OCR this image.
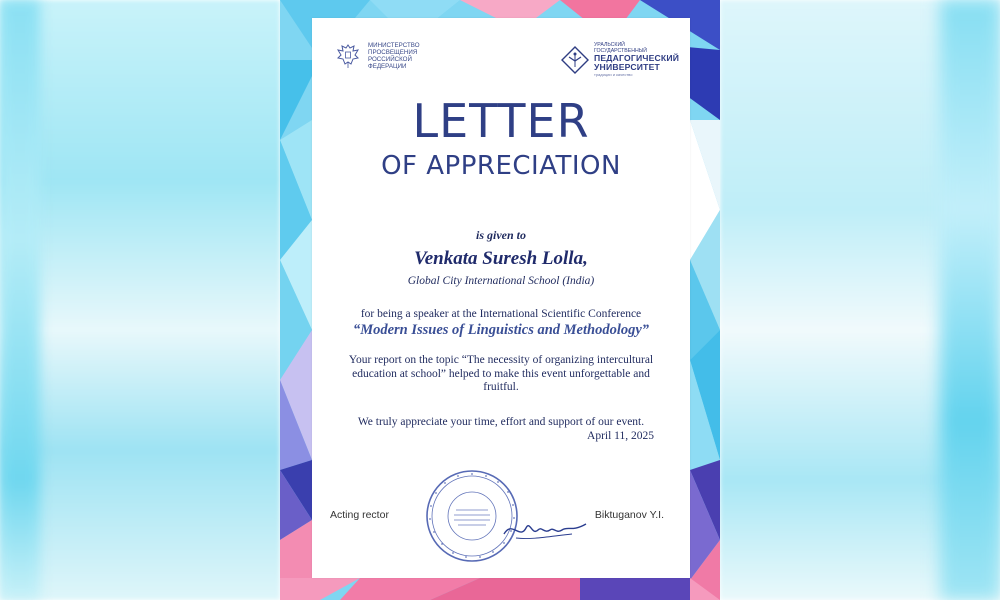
МИНИСТЕРСТВО
ПРОСВЕЩЕНИЯ
РОССИЙСКОЙ
ФЕДЕРАЦИИ
УРАЛЬСКИЙ ГОСУДАРСТВЕННЫЙ
ПЕДАГОГИЧЕСКИЙ
УНИВЕРСИТЕТ
традиции и качество
LETTER
OF APPRECIATION
is given to
Venkata Suresh Lolla,
Global City International School (India)
for being a speaker at the International Scientific Conference
“Modern Issues of Linguistics and Methodology”
Your report on the topic “The necessity of organizing intercultural education at school” helped to make this event unforgettable and fruitful.
We truly appreciate your time, effort and support of our event.
April 11, 2025
Acting rector	Biktuganov Y.I.
